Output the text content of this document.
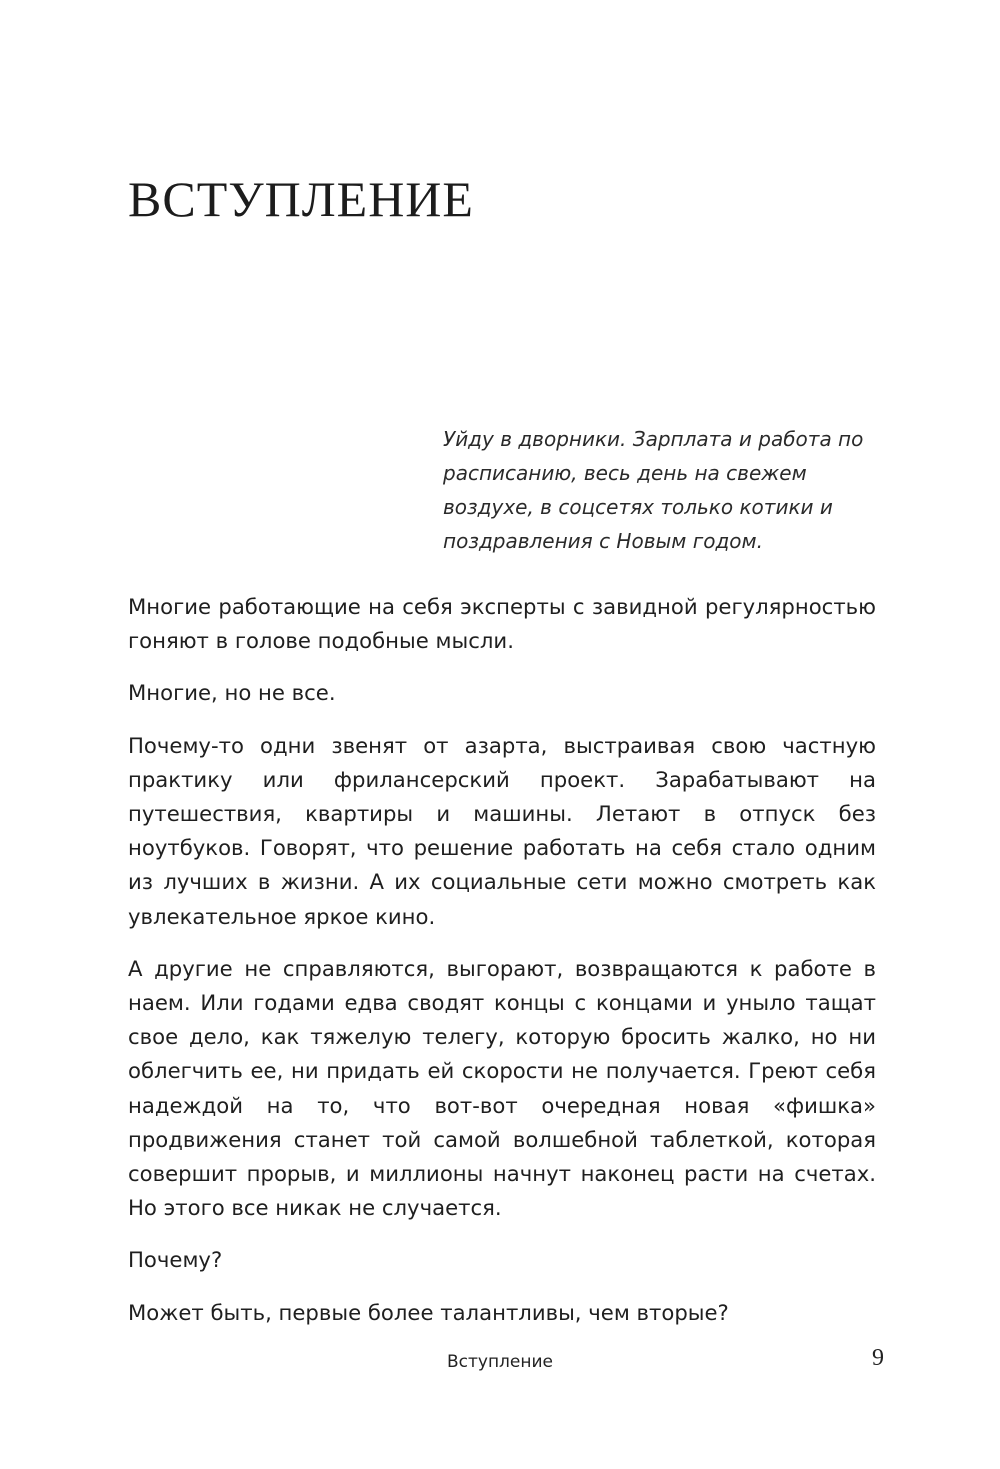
ВСТУПЛЕНИЕ

Уйду в дворники. Зарплата и работа по расписанию, весь день на свежем воздухе, в соцсетях только котики и поздравления с Новым годом.

Многие работающие на себя эксперты с завидной регулярностью гоняют в голове подобные мысли.

Многие, но не все.

Почему-то одни звенят от азарта, выстраивая свою частную практику или фрилансерский проект. Зарабатывают на путешествия, квартиры и машины. Летают в отпуск без ноутбуков. Говорят, что решение работать на себя стало одним из лучших в жизни. А их социальные сети можно смотреть как увлекательное яркое кино.

А другие не справляются, выгорают, возвращаются к работе в наем. Или годами едва сводят концы с концами и уныло тащат свое дело, как тяжелую телегу, которую бросить жалко, но ни облегчить ее, ни придать ей скорости не получается. Греют себя надеждой на то, что вот-вот очередная новая «фишка» продвижения станет той самой волшебной таблеткой, которая совершит прорыв, и миллионы начнут наконец расти на счетах. Но этого все никак не случается.

Почему?

Может быть, первые более талантливы, чем вторые?

Вступление	9
